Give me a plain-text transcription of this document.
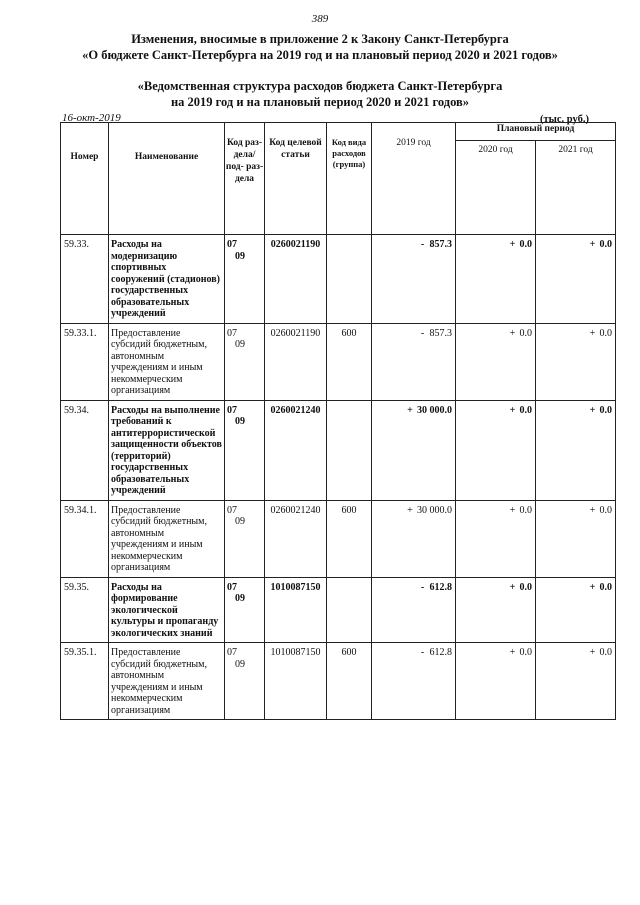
389
Изменения, вносимые в приложение 2 к Закону Санкт-Петербурга
«О бюджете Санкт-Петербурга на 2019 год и на плановый период 2020 и 2021 годов»
«Ведомственная структура расходов бюджета Санкт-Петербурга
на 2019 год и на плановый период 2020 и 2021 годов»
16-окт-2019	(тыс. руб.)
Номер	Наименование	Код раз- дела/ под- раз- дела	Код целевой статьи	Код вида расходов (группа)	2019 год	Плановый период	
						2020 год	2021 год
59.33.	Расходы на модернизацию спортивных сооружений (стадионов) государственных образовательных учреждений	0709	0260021190		- 857.3	+ 0.0	+ 0.0
59.33.1.	Предоставление субсидий бюджетным, автономным учреждениям и иным некоммерческим организациям	0709	0260021190	600	- 857.3	+ 0.0	+ 0.0
59.34.	Расходы на выполнение требований к антитеррористической защищенности объектов (территорий) государственных образовательных учреждений	0709	0260021240		+ 30 000.0	+ 0.0	+ 0.0
59.34.1.	Предоставление субсидий бюджетным, автономным учреждениям и иным некоммерческим организациям	0709	0260021240	600	+ 30 000.0	+ 0.0	+ 0.0
59.35.	Расходы на формирование экологической культуры и пропаганду экологических знаний	0709	1010087150		- 612.8	+ 0.0	+ 0.0
59.35.1.	Предоставление субсидий бюджетным, автономным учреждениям и иным некоммерческим организациям	0709	1010087150	600	- 612.8	+ 0.0	+ 0.0
